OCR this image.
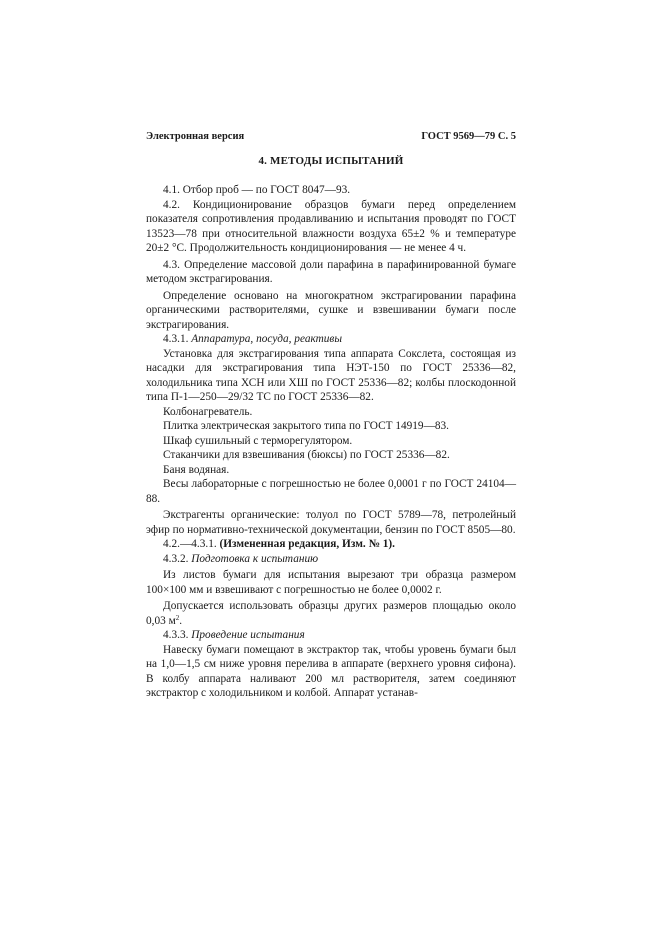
Электронная версия	ГОСТ 9569—79 С. 5
4. МЕТОДЫ ИСПЫТАНИЙ

4.1. Отбор проб — по ГОСТ 8047—93.

4.2. Кондиционирование образцов бумаги перед определением показателя сопротивления продавливанию и испытания проводят по ГОСТ 13523—78 при относительной влажности воздуха 65±2 % и температуре 20±2 °С. Продолжительность кондиционирования — не менее 4 ч.

4.3. Определение массовой доли парафина в парафинированной бумаге методом экстрагирования.

Определение основано на многократном экстрагировании парафина органическими растворителями, сушке и взвешивании бумаги после экстрагирования.

4.3.1. Аппаратура, посуда, реактивы

Установка для экстрагирования типа аппарата Сокслета, состоящая из насадки для экстрагирования типа НЭТ-150 по ГОСТ 25336—82, холодильника типа ХСН или ХШ по ГОСТ 25336—82; колбы плоскодонной типа П-1—250—29/32 ТС по ГОСТ 25336—82.

Колбонагреватель.

Плитка электрическая закрытого типа по ГОСТ 14919—83.

Шкаф сушильный с терморегулятором.

Стаканчики для взвешивания (бюксы) по ГОСТ 25336—82.

Баня водяная.

Весы лабораторные с погрешностью не более 0,0001 г по ГОСТ 24104—88.

Экстрагенты органические: толуол по ГОСТ 5789—78, петролейный эфир по нормативно-технической документации, бензин по ГОСТ 8505—80.

4.2.—4.3.1. (Измененная редакция, Изм. № 1).

4.3.2. Подготовка к испытанию

Из листов бумаги для испытания вырезают три образца размером 100×100 мм и взвешивают с погрешностью не более 0,0002 г.

Допускается использовать образцы других размеров площадью около 0,03 $м^2$.

4.3.3. Проведение испытания

Навеску бумаги помещают в экстрактор так, чтобы уровень бумаги был на 1,0—1,5 см ниже уровня перелива в аппарате (верхнего уровня сифона). В колбу аппарата наливают 200 мл растворителя, затем соединяют экстрактор с холодильником и колбой. Аппарат устанав-
